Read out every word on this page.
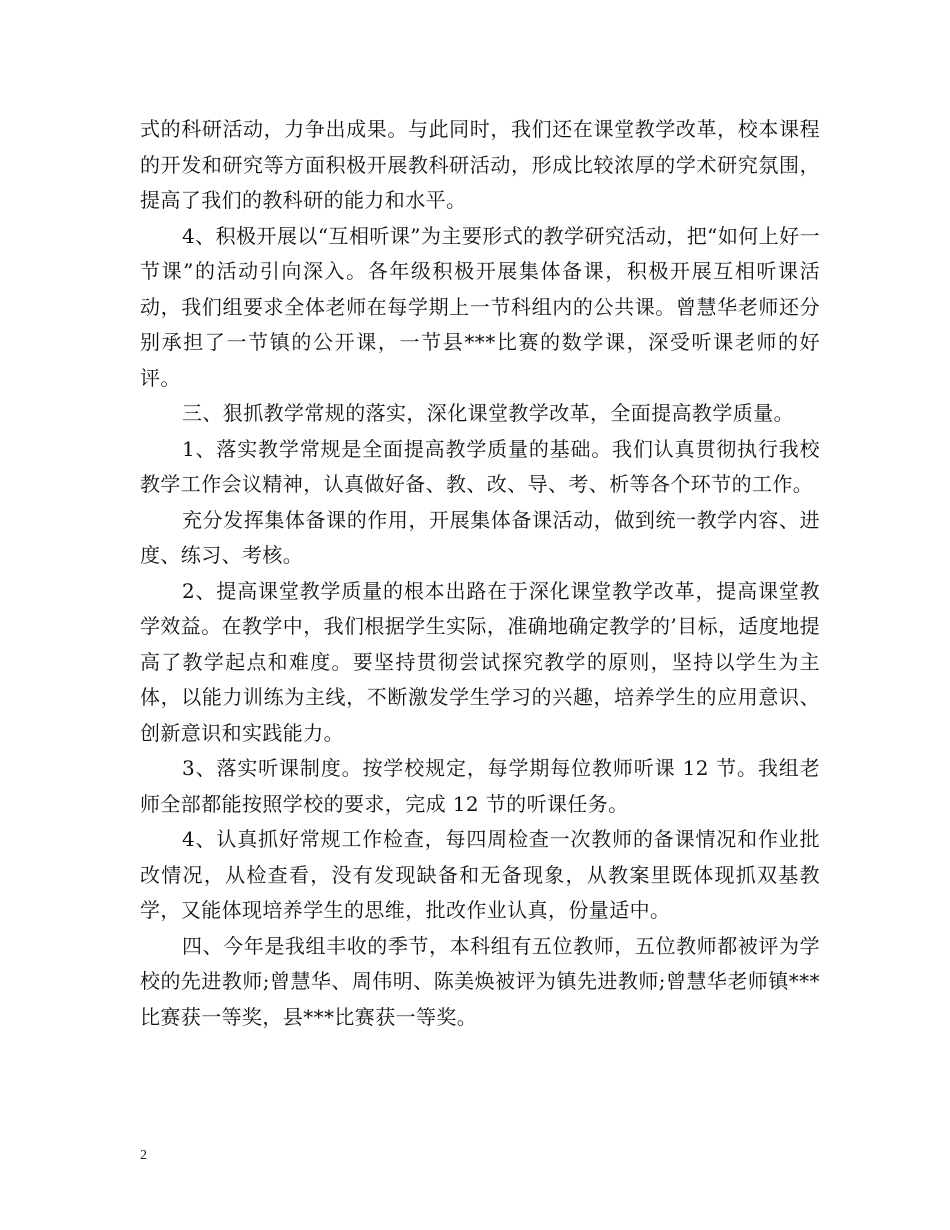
式的科研活动，力争出成果。与此同时，我们还在课堂教学改革，校本课程的开发和研究等方面积极开展教科研活动，形成比较浓厚的学术研究氛围，提高了我们的教科研的能力和水平。

4、积极开展以“互相听课”为主要形式的教学研究活动，把“如何上好一节课”的活动引向深入。各年级积极开展集体备课，积极开展互相听课活动，我们组要求全体老师在每学期上一节科组内的公共课。曾慧华老师还分别承担了一节镇的公开课，一节县***比赛的数学课，深受听课老师的好评。

三、狠抓教学常规的落实，深化课堂教学改革，全面提高教学质量。

1、落实教学常规是全面提高教学质量的基础。我们认真贯彻执行我校教学工作会议精神，认真做好备、教、改、导、考、析等各个环节的工作。

充分发挥集体备课的作用，开展集体备课活动，做到统一教学内容、进度、练习、考核。

2、提高课堂教学质量的根本出路在于深化课堂教学改革，提高课堂教学效益。在教学中，我们根据学生实际，准确地确定教学的’目标，适度地提高了教学起点和难度。要坚持贯彻尝试探究教学的原则，坚持以学生为主体，以能力训练为主线，不断激发学生学习的兴趣，培养学生的应用意识、创新意识和实践能力。

3、落实听课制度。按学校规定，每学期每位教师听课 12 节。我组老师全部都能按照学校的要求，完成 12 节的听课任务。

4、认真抓好常规工作检查，每四周检查一次教师的备课情况和作业批改情况，从检查看，没有发现缺备和无备现象，从教案里既体现抓双基教学，又能体现培养学生的思维，批改作业认真，份量适中。

四、今年是我组丰收的季节，本科组有五位教师，五位教师都被评为学校的先进教师;曾慧华、周伟明、陈美焕被评为镇先进教师;曾慧华老师镇***比赛获一等奖，县***比赛获一等奖。

2
